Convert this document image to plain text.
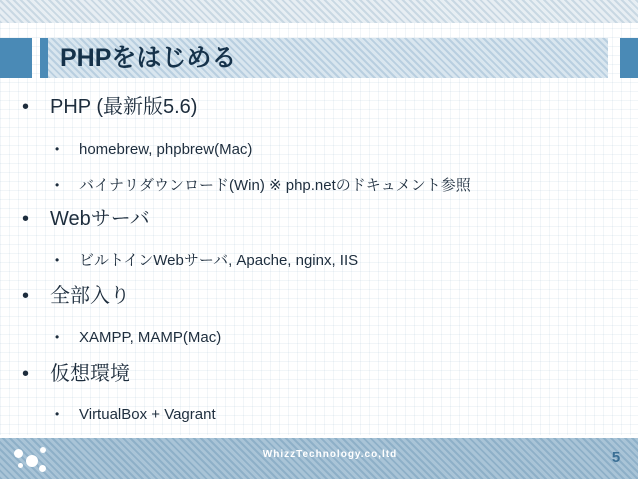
PHPをはじめる
• PHP (最新版5.6)
• homebrew, phpbrew(Mac)
• バイナリダウンロード(Win) ※ php.netのドキュメント参照
• Webサーバ
• ビルトインWebサーバ, Apache, nginx, IIS
• 全部入り
• XAMPP, MAMP(Mac)
• 仮想環境
• VirtualBox + Vagrant
WhizzTechnology.co,ltd	5
